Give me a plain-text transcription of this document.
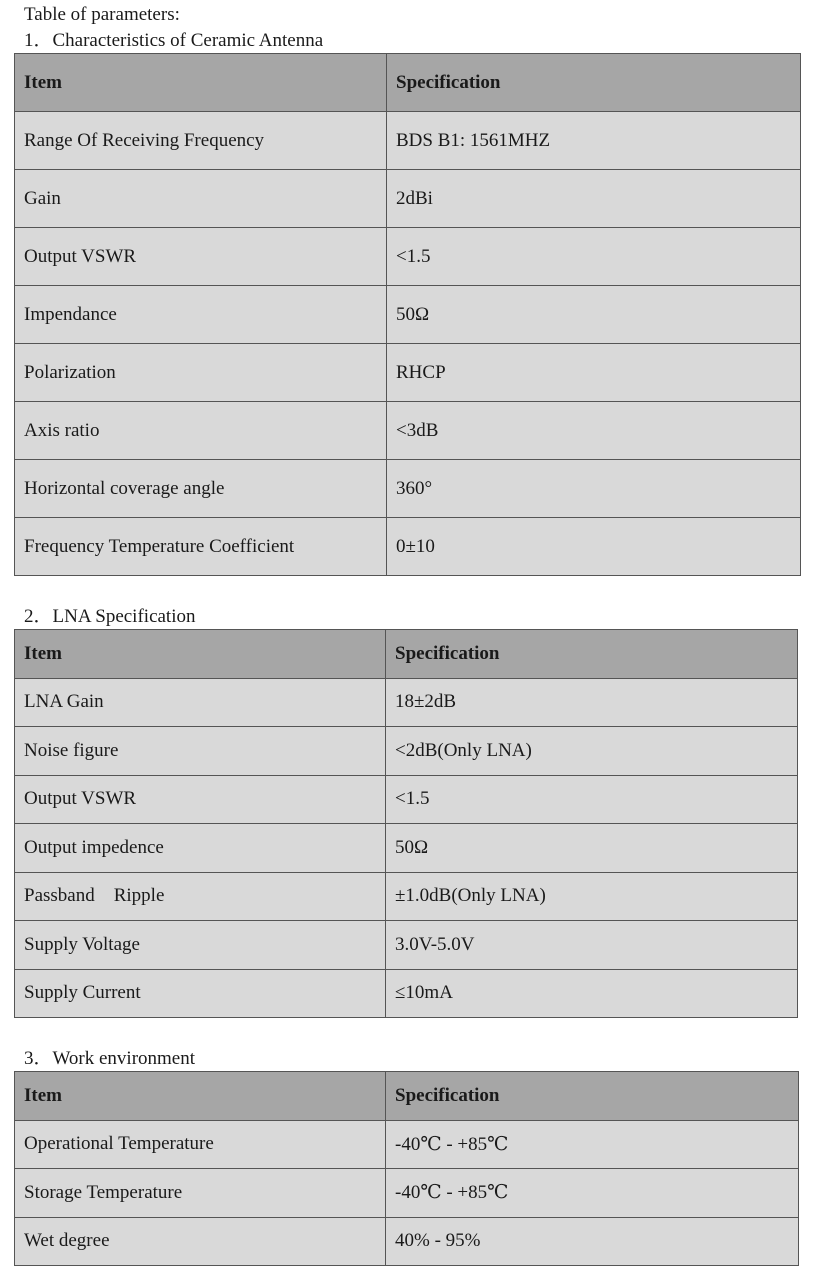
Table of parameters:
1．Characteristics of Ceramic Antenna
Item	Specification
Range Of Receiving Frequency	BDS B1: 1561MHZ
Gain	2dBi
Output VSWR	<1.5
Impendance	50Ω
Polarization	RHCP
Axis ratio	<3dB
Horizontal coverage angle	360°
Frequency Temperature Coefficient	0±10
2．LNA Specification
Item	Specification
LNA Gain	18±2dB
Noise figure	<2dB(Only LNA)
Output VSWR	<1.5
Output impedence	50Ω
Passband    Ripple	±1.0dB(Only LNA)
Supply Voltage	3.0V-5.0V
Supply Current	≤10mA
3．Work environment
Item	Specification
Operational Temperature	-40℃ - +85℃
Storage Temperature	-40℃ - +85℃
Wet degree	40% - 95%
